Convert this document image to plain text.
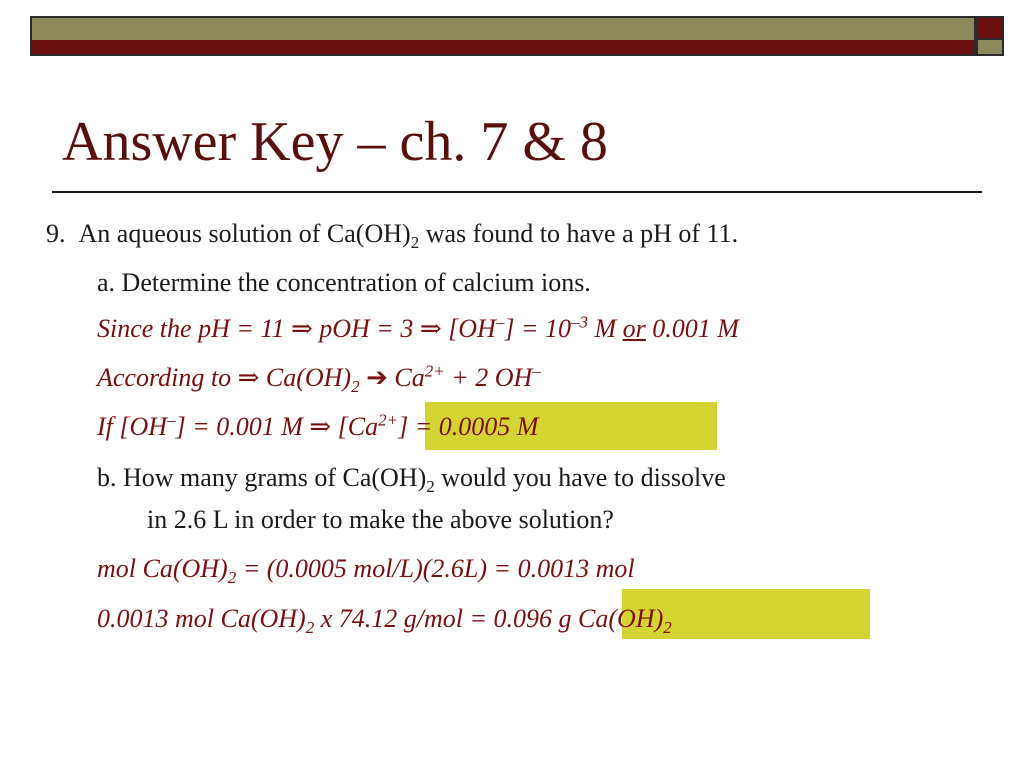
Answer Key – ch. 7 & 8
9. An aqueous solution of $Ca(OH)_2$ was found to have a pH of 11.
a. Determine the concentration of calcium ions.
Since the pH = 11 ⇒ pOH = 3 ⇒ $[OH^-] = 10^{-3}$ M or 0.001 M
According to ⇒ $Ca(OH)_2$ ➔ $Ca^{2+} + 2$ OH–
If [OH–] = 0.001 M ⇒ $[Ca^{2+}] = 0.0005$ M
b. How many grams of $Ca(OH)_2$ would you have to dissolve
in 2.6 L in order to make the above solution?
mol $Ca(OH)_2 = (0.0005$ mol/L)(2.6L) = 0.0013 mol
0.0013 mol $Ca(OH)_2$ x 74.12 g/mol = 0.096 g $Ca(OH)_2$
